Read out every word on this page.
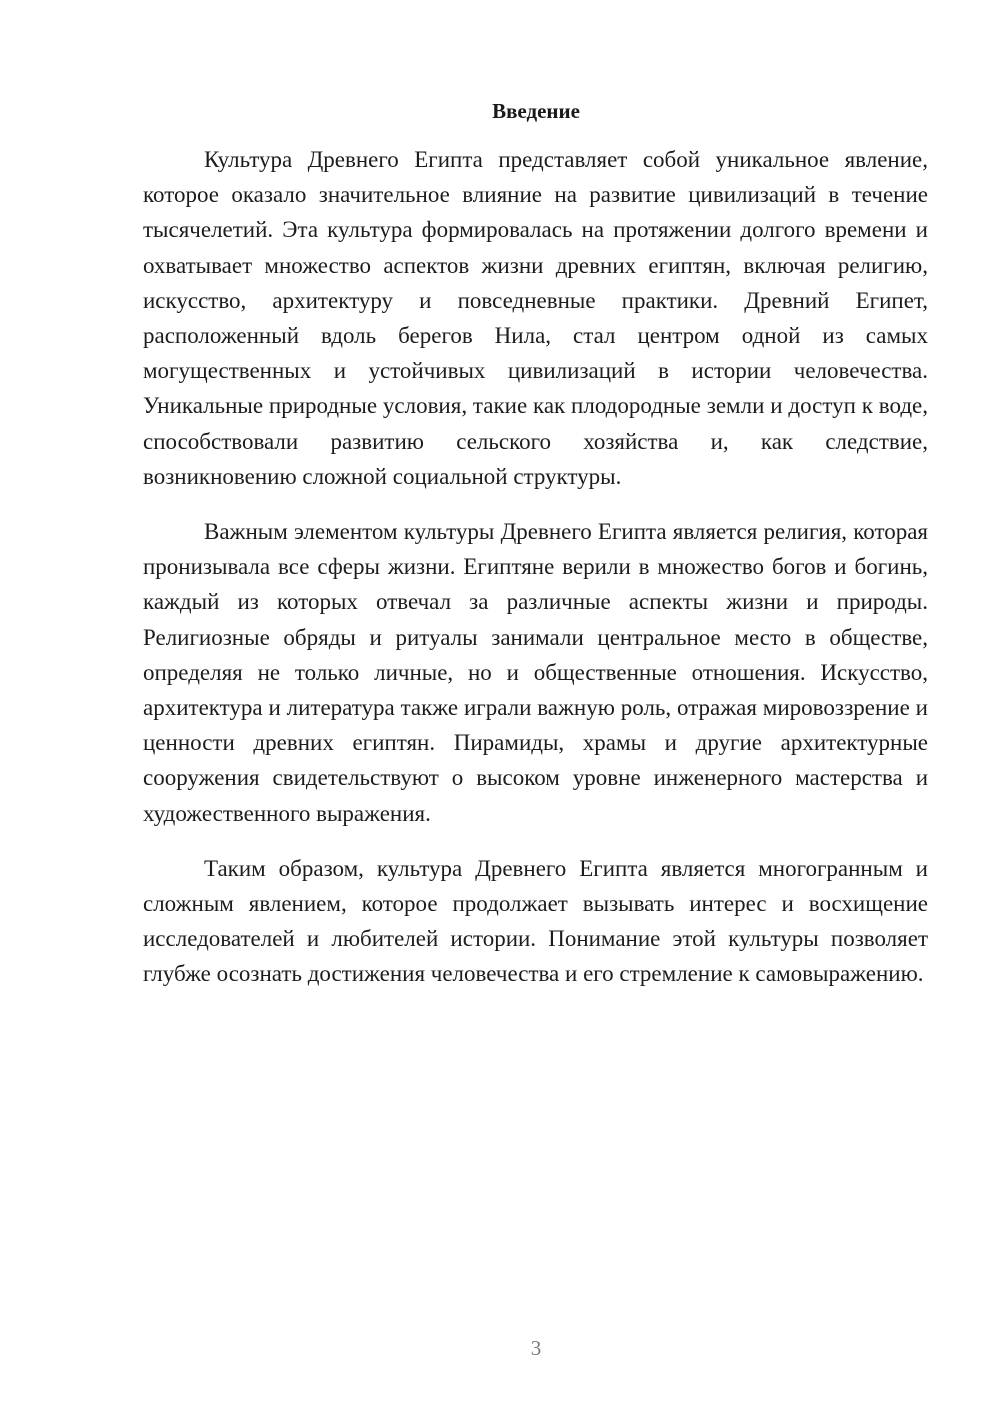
Введение

Культура Древнего Египта представляет собой уникальное явление, которое оказало значительное влияние на развитие цивилизаций в течение тысячелетий. Эта культура формировалась на протяжении долгого времени и охватывает множество аспектов жизни древних египтян, включая религию, искусство, архитектуру и повседневные практики. Древний Египет, расположенный вдоль берегов Нила, стал центром одной из самых могущественных и устойчивых цивилизаций в истории человечества. Уникальные природные условия, такие как плодородные земли и доступ к воде, способствовали развитию сельского хозяйства и, как следствие, возникновению сложной социальной структуры.

Важным элементом культуры Древнего Египта является религия, которая пронизывала все сферы жизни. Египтяне верили в множество богов и богинь, каждый из которых отвечал за различные аспекты жизни и природы. Религиозные обряды и ритуалы занимали центральное место в обществе, определяя не только личные, но и общественные отношения. Искусство, архитектура и литература также играли важную роль, отражая мировоззрение и ценности древних египтян. Пирамиды, храмы и другие архитектурные сооружения свидетельствуют о высоком уровне инженерного мастерства и художественного выражения.

Таким образом, культура Древнего Египта является многогранным и сложным явлением, которое продолжает вызывать интерес и восхищение исследователей и любителей истории. Понимание этой культуры позволяет глубже осознать достижения человечества и его стремление к самовыражению.

3
